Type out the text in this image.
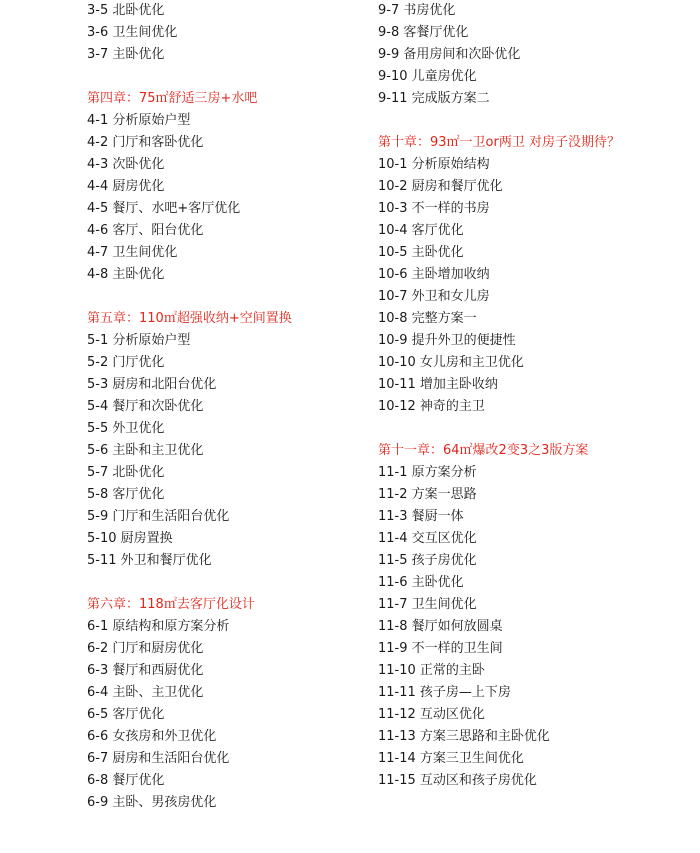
3-5 北卧优化
3-6 卫生间优化
3-7 主卧优化
第四章：75㎡舒适三房+水吧
4-1 分析原始户型
4-2 门厅和客卧优化
4-3 次卧优化
4-4 厨房优化
4-5 餐厅、水吧+客厅优化
4-6 客厅、阳台优化
4-7 卫生间优化
4-8 主卧优化
第五章：110㎡超强收纳+空间置换
5-1 分析原始户型
5-2 门厅优化
5-3 厨房和北阳台优化
5-4 餐厅和次卧优化
5-5 外卫优化
5-6 主卧和主卫优化
5-7 北卧优化
5-8 客厅优化
5-9 门厅和生活阳台优化
5-10 厨房置换
5-11 外卫和餐厅优化
第六章：118㎡去客厅化设计
6-1 原结构和原方案分析
6-2 门厅和厨房优化
6-3 餐厅和西厨优化
6-4 主卧、主卫优化
6-5 客厅优化
6-6 女孩房和外卫优化
6-7 厨房和生活阳台优化
6-8 餐厅优化
6-9 主卧、男孩房优化
9-7 书房优化
9-8 客餐厅优化
9-9 备用房间和次卧优化
9-10 儿童房优化
9-11 完成版方案二
第十章：93㎡一卫or两卫 对房子没期待？
10-1 分析原始结构
10-2 厨房和餐厅优化
10-3 不一样的书房
10-4 客厅优化
10-5 主卧优化
10-6 主卧增加收纳
10-7 外卫和女儿房
10-8 完整方案一
10-9 提升外卫的便捷性
10-10 女儿房和主卫优化
10-11 增加主卧收纳
10-12 神奇的主卫
第十一章：64㎡爆改2变3之3版方案
11-1 原方案分析
11-2 方案一思路
11-3 餐厨一体
11-4 交互区优化
11-5 孩子房优化
11-6 主卧优化
11-7 卫生间优化
11-8 餐厅如何放圆桌
11-9 不一样的卫生间
11-10 正常的主卧
11-11 孩子房—上下房
11-12 互动区优化
11-13 方案三思路和主卧优化
11-14 方案三卫生间优化
11-15 互动区和孩子房优化
